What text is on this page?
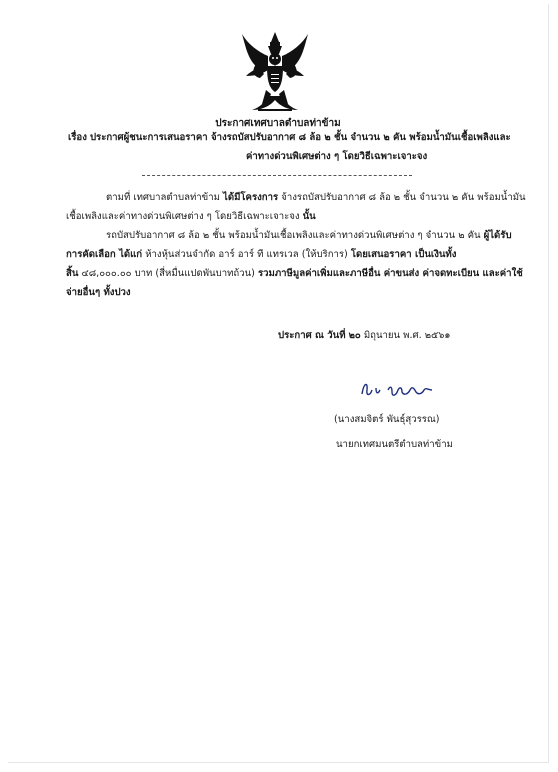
ประกาศเทศบาลตำบลท่าข้าม
เรื่อง ประกาศผู้ชนะการเสนอราคา จ้างรถบัสปรับอากาศ ๘ ล้อ ๒ ชั้น จำนวน ๒ คัน พร้อมน้ำมันเชื้อเพลิงและ
ค่าทางด่วนพิเศษต่าง ๆ โดยวิธีเฉพาะเจาะจง
ตามที่ เทศบาลตำบลท่าข้าม ได้มีโครงการ จ้างรถบัสปรับอากาศ ๘ ล้อ ๒ ชั้น จำนวน ๒ คัน พร้อมน้ำมัน
เชื้อเพลิงและค่าทางด่วนพิเศษต่าง ๆ โดยวิธีเฉพาะเจาะจง นั้น
รถบัสปรับอากาศ ๘ ล้อ ๒ ชั้น พร้อมน้ำมันเชื้อเพลิงและค่าทางด่วนพิเศษต่าง ๆ จำนวน ๒ คัน ผู้ได้รับ
การคัดเลือก ได้แก่ ห้างหุ้นส่วนจำกัด อาร์ อาร์ ที แทรเวล (ให้บริการ) โดยเสนอราคา เป็นเงินทั้ง
สิ้น ๔๘,๐๐๐.๐๐ บาท (สี่หมื่นแปดพันบาทถ้วน) รวมภาษีมูลค่าเพิ่มและภาษีอื่น ค่าขนส่ง ค่าจดทะเบียน และค่าใช้
จ่ายอื่นๆ ทั้งปวง
ประกาศ ณ วันที่ ๒๐ มิถุนายน พ.ศ. ๒๕๖๑
(นางสมจิตร์ พันธุ์สุวรรณ)
นายกเทศมนตรีตำบลท่าข้าม
